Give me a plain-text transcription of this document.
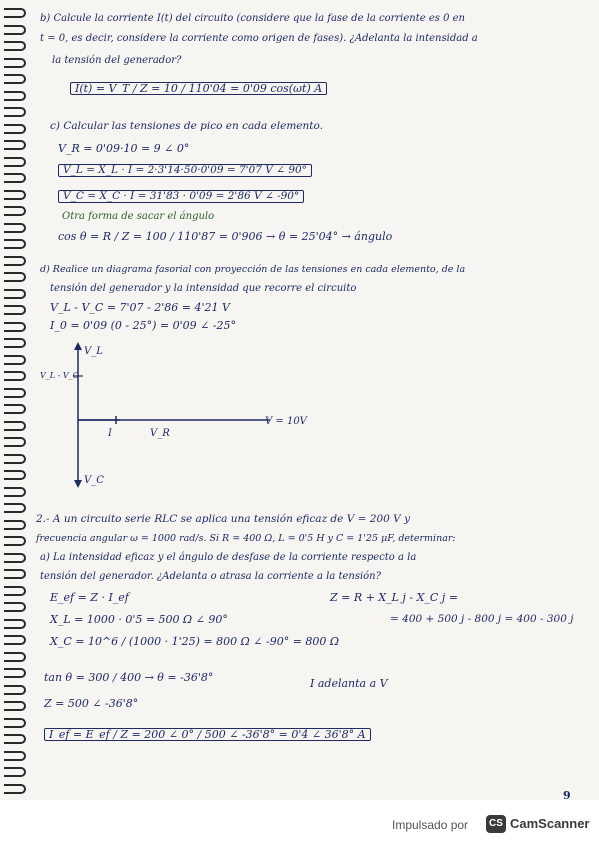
b) Calcule la corriente I(t) del circuito (considere que la fase de la corriente es 0 en

t = 0, es decir, considere la corriente como origen de fases). ¿Adelanta la intensidad a

la tensión del generador?

I(t) = V_T / Z = 10 / 110'04 = 0'09 cos(ωt) A

c) Calcular las tensiones de pico en cada elemento.

V_R = 0'09·10 = 9 ∠ 0°

V_L = X_L · I = 2·3'14·50·0'09 = 7'07 V ∠ 90°

V_C = X_C · I = 31'83 · 0'09 = 2'86 V ∠ -90°

Otra forma de sacar el ángulo

cos θ = R / Z = 100 / 110'87 = 0'906 → θ = 25'04° → ángulo

d) Realice un diagrama fasorial con proyección de las tensiones en cada elemento, de la

tensión del generador y la intensidad que recorre el circuito

V_L - V_C = 7'07 - 2'86 = 4'21 V

I_0 = 0'09 (0 - 25°) = 0'09 ∠ -25°

V_L
V_L - V_C
V_C
I	V_R
V = 10V

2.- A un circuito serie RLC se aplica una tensión eficaz de V = 200 V y

frecuencia angular ω = 1000 rad/s. Si R = 400 Ω, L = 0'5 H y C = 1'25 μF, determinar:

a) La intensidad eficaz y el ángulo de desfase de la corriente respecto a la

tensión del generador. ¿Adelanta o atrasa la corriente a la tensión?

E_ef = Z · I_ef	Z = R + X_L j - X_C j =

X_L = 1000 · 0'5 = 500 Ω ∠ 90°	= 400 + 500 j - 800 j = 400 - 300 j

X_C = 10^6 / (1000 · 1'25) = 800 Ω ∠ -90° = 800 Ω

tan θ = 300 / 400 → θ = -36'8°	I adelanta a V

Z = 500 ∠ -36'8°

I_ef = E_ef / Z = 200 ∠ 0° / 500 ∠ -36'8° = 0'4 ∠ 36'8° A

9

Impulsado por	CS CamScanner
